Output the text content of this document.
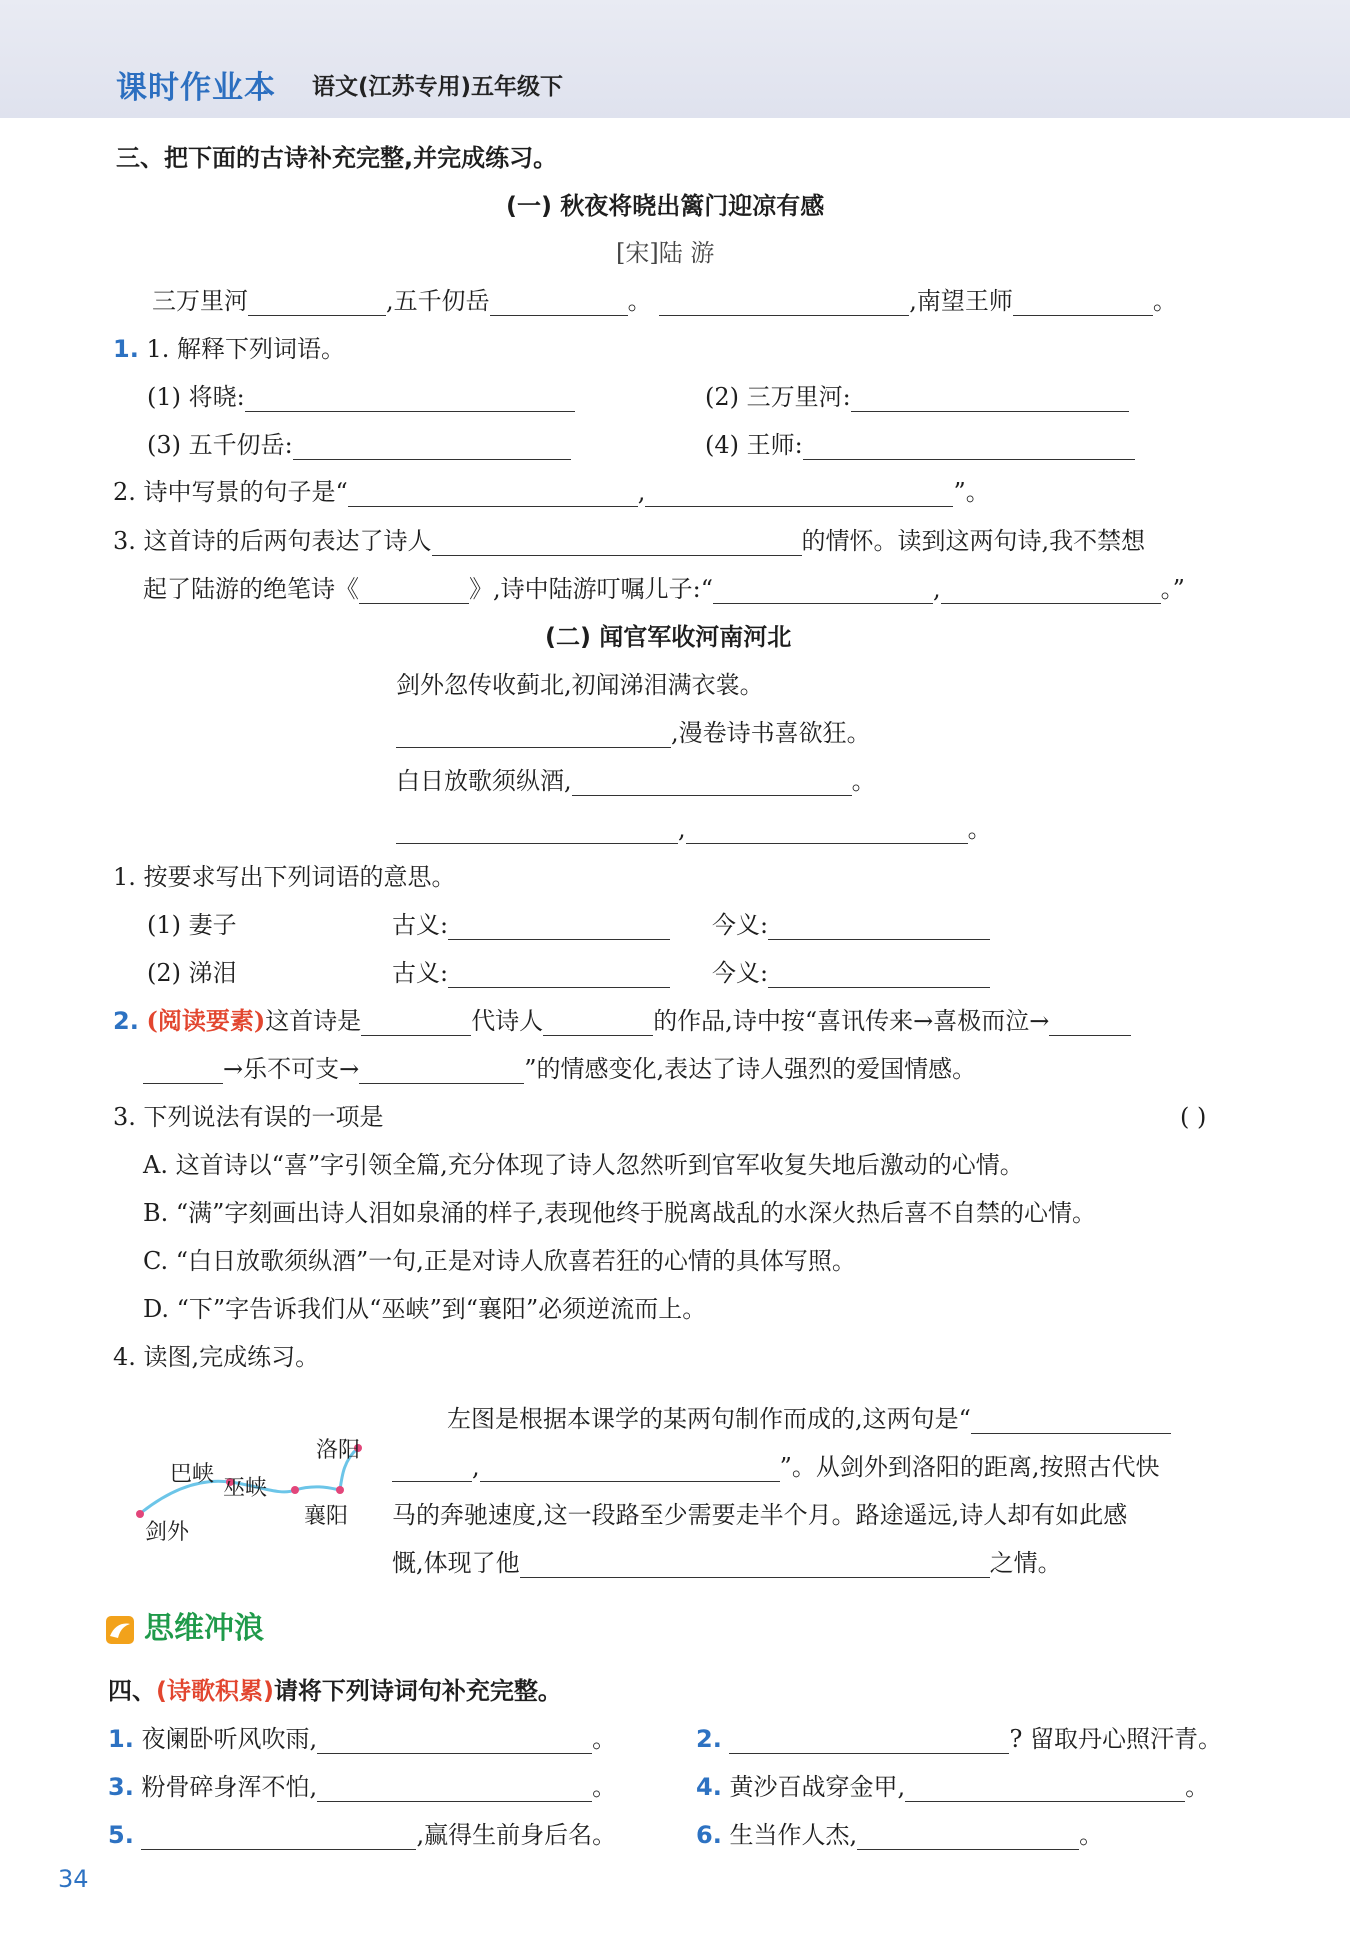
课时作业本 语文(江苏专用)五年级下
三、把下面的古诗补充完整,并完成练习。
(一) 秋夜将晓出篱门迎凉有感
[宋]陆 游
三万里河	,五千仞岳	。	,南望王师	。
1. 1. 解释下列词语。
(1) 将晓:	(2) 三万里河:
(3) 五千仞岳:	(4) 王师:
2. 诗中写景的句子是“	,	”。
3. 这首诗的后两句表达了诗人	的情怀。读到这两句诗,我不禁想
起了陆游的绝笔诗《	》,诗中陆游叮嘱儿子:“	,	。”
(二) 闻官军收河南河北
剑外忽传收蓟北,初闻涕泪满衣裳。
,漫卷诗书喜欲狂。
白日放歌须纵酒,	。
,	。
1. 按要求写出下列词语的意思。
(1) 妻子	古义:	今义:
(2) 涕泪	古义:	今义:
2. (阅读要素)这首诗是	代诗人	的作品,诗中按“喜讯传来→喜极而泣→
→乐不可支→	”的情感变化,表达了诗人强烈的爱国情感。
3. 下列说法有误的一项是	( )
A. 这首诗以“喜”字引领全篇,充分体现了诗人忽然听到官军收复失地后激动的心情。
B. “满”字刻画出诗人泪如泉涌的样子,表现他终于脱离战乱的水深火热后喜不自禁的心情。
C. “白日放歌须纵酒”一句,正是对诗人欣喜若狂的心情的具体写照。
D. “下”字告诉我们从“巫峡”到“襄阳”必须逆流而上。
4. 读图,完成练习。
洛阳
巴峡
巫峡
襄阳
剑外
左图是根据本课学的某两句制作而成的,这两句是“
,	”。从剑外到洛阳的距离,按照古代快
马的奔驰速度,这一段路至少需要走半个月。路途遥远,诗人却有如此感
慨,体现了他	之情。
思维冲浪
四、(诗歌积累)请将下列诗词句补充完整。
1. 夜阑卧听风吹雨,	。	2.	? 留取丹心照汗青。
3. 粉骨碎身浑不怕,	。	4. 黄沙百战穿金甲,	。
5.	,赢得生前身后名。	6. 生当作人杰,	。
34
